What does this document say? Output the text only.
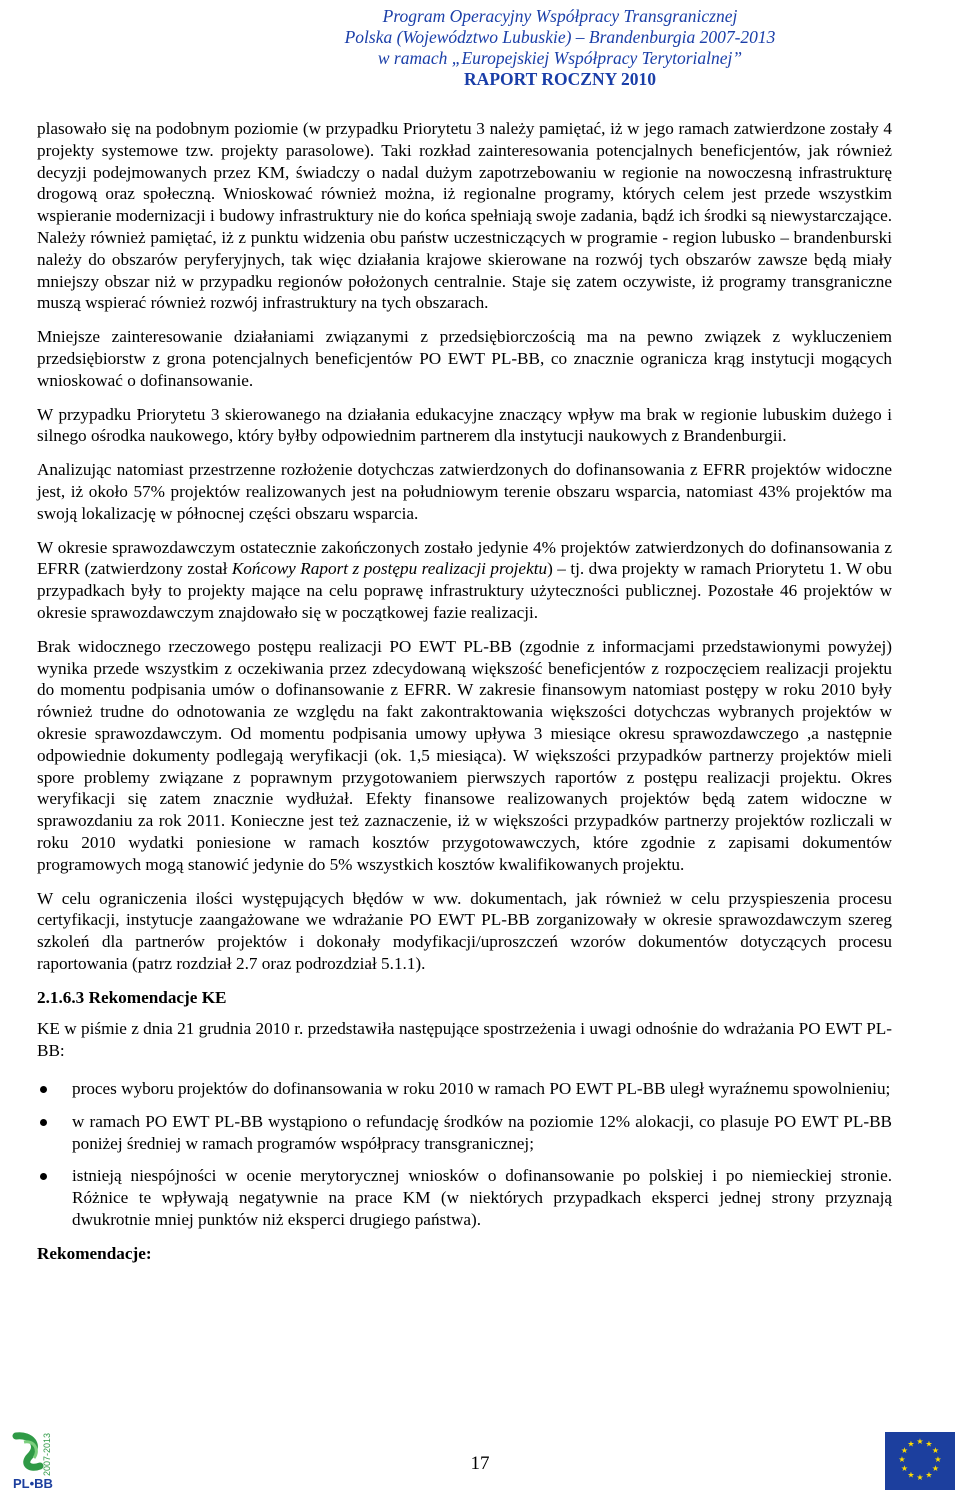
Program Operacyjny Współpracy Transgranicznej
Polska (Województwo Lubuskie) – Brandenburgia 2007-2013
w ramach „Europejskiej Współpracy Terytorialnej”
RAPORT ROCZNY 2010

plasowało się na podobnym poziomie (w przypadku Priorytetu 3 należy pamiętać, iż w jego ramach zatwierdzone zostały 4 projekty systemowe tzw. projekty parasolowe). Taki rozkład zainteresowania potencjalnych beneficjentów, jak również decyzji podejmowanych przez KM, świadczy o nadal dużym zapotrzebowaniu w regionie na nowoczesną infrastrukturę drogową oraz społeczną. Wnioskować również można, iż regionalne programy, których celem jest przede wszystkim wspieranie modernizacji i budowy infrastruktury nie do końca spełniają swoje zadania, bądź ich środki są niewystarczające. Należy również pamiętać, iż z punktu widzenia obu państw uczestniczących w programie - region lubusko – brandenburski należy do obszarów peryferyjnych, tak więc działania krajowe skierowane na rozwój tych obszarów zawsze będą miały mniejszy obszar niż w przypadku regionów położonych centralnie. Staje się zatem oczywiste, iż programy transgraniczne muszą wspierać również rozwój infrastruktury na tych obszarach.

Mniejsze zainteresowanie działaniami związanymi z przedsiębiorczością ma na pewno związek z wykluczeniem przedsiębiorstw z grona potencjalnych beneficjentów PO EWT PL-BB, co znacznie ogranicza krąg instytucji mogących wnioskować o dofinansowanie.

W przypadku Priorytetu 3 skierowanego na działania edukacyjne znaczący wpływ ma brak w regionie lubuskim dużego i silnego ośrodka naukowego, który byłby odpowiednim partnerem dla instytucji naukowych z Brandenburgii.

Analizując natomiast przestrzenne rozłożenie dotychczas zatwierdzonych do dofinansowania z EFRR projektów widoczne jest, iż około 57% projektów realizowanych jest na południowym terenie obszaru wsparcia, natomiast 43% projektów ma swoją lokalizację w północnej części obszaru wsparcia.

W okresie sprawozdawczym ostatecznie zakończonych zostało jedynie 4% projektów zatwierdzonych do dofinansowania z EFRR (zatwierdzony został Końcowy Raport z postępu realizacji projektu) – tj. dwa projekty w ramach Priorytetu 1. W obu przypadkach były to projekty mające na celu poprawę infrastruktury użyteczności publicznej. Pozostałe 46 projektów w okresie sprawozdawczym znajdowało się w początkowej fazie realizacji.

Brak widocznego rzeczowego postępu realizacji PO EWT PL-BB (zgodnie z informacjami przedstawionymi powyżej) wynika przede wszystkim z oczekiwania przez zdecydowaną większość beneficjentów z rozpoczęciem realizacji projektu do momentu podpisania umów o dofinansowanie z EFRR. W zakresie finansowym natomiast postępy w roku 2010 były również trudne do odnotowania ze względu na fakt zakontraktowania większości dotychczas wybranych projektów w okresie sprawozdawczym. Od momentu podpisania umowy upływa 3 miesiące okresu sprawozdawczego ,a następnie odpowiednie dokumenty podlegają weryfikacji (ok. 1,5 miesiąca). W większości przypadków partnerzy projektów mieli spore problemy związane z poprawnym przygotowaniem pierwszych raportów z postępu realizacji projektu. Okres weryfikacji się zatem znacznie wydłużał. Efekty finansowe realizowanych projektów będą zatem widoczne w sprawozdaniu za rok 2011. Konieczne jest też zaznaczenie, iż w większości przypadków partnerzy projektów rozliczali w roku 2010 wydatki poniesione w ramach kosztów przygotowawczych, które zgodnie z zapisami dokumentów programowych mogą stanowić jedynie do 5% wszystkich kosztów kwalifikowanych projektu.

W celu ograniczenia ilości występujących błędów w ww. dokumentach, jak również w celu przyspieszenia procesu certyfikacji, instytucje zaangażowane we wdrażanie PO EWT PL-BB zorganizowały w okresie sprawozdawczym szereg szkoleń dla partnerów projektów i dokonały modyfikacji/uproszczeń wzorów dokumentów dotyczących procesu raportowania (patrz rozdział 2.7 oraz podrozdział 5.1.1).

2.1.6.3 Rekomendacje KE

KE w piśmie z dnia 21 grudnia 2010 r. przedstawiła następujące spostrzeżenia i uwagi odnośnie do wdrażania PO EWT PL-BB:

proces wyboru projektów do dofinansowania w roku 2010 w ramach PO EWT PL-BB uległ wyraźnemu spowolnieniu;
w ramach PO EWT PL-BB wystąpiono o refundację środków na poziomie 12% alokacji, co plasuje PO EWT PL-BB poniżej średniej w ramach programów współpracy transgranicznej;
istnieją niespójności w ocenie merytorycznej wniosków o dofinansowanie po polskiej i po niemieckiej stronie. Różnice te wpływają negatywnie na prace KM (w niektórych przypadkach eksperci jednej strony przyznają dwukrotnie mniej punktów niż eksperci drugiego państwa).
Rekomendacje:
2007-2013
PL•BB
17
★ ★
★
★
★
★
★
★
★
★
★
★
